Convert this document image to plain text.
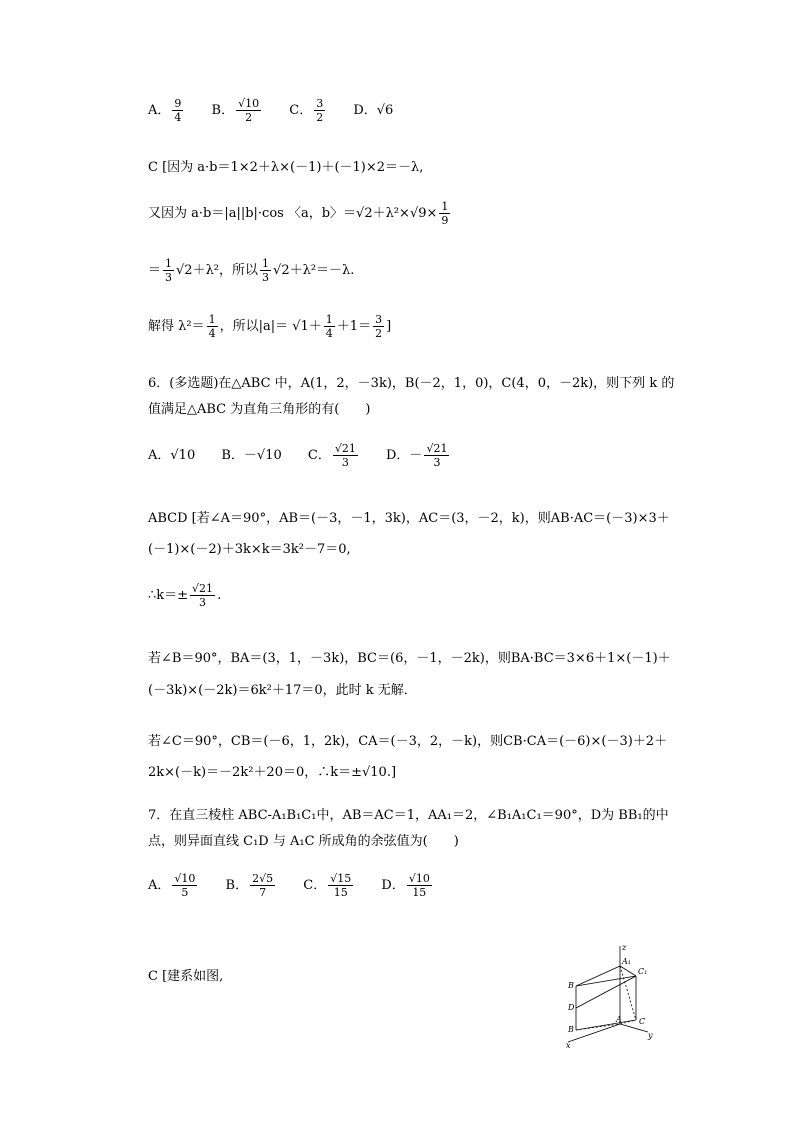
A． $\frac{9}{4}$ B． $\frac{√10}{2}$ C． $\frac{3}{2}$ D．√6
C [因为 a·b＝1×2＋λ×(－1)＋(－1)×2＝－λ,
又因为 a·b＝|a||b|·cos 〈a，b〉$=√2+\lambda^2\times√9\times \frac{1}{9}$
＝ $\frac{1}{3} √2+\lambda^2$，所以 $\frac{1}{3} √2+\lambda^2=-\lambda$.
解得 $\lambda^2= \frac{1}{4}$ ，所以$|a|= √1+ \frac{1}{4} +1= \frac{3}{2}$ ]
6．(多选题)在△ABC 中，A(1，2，－3k)，B(－2，1，0)，C(4，0，－2k)，则下列 k 的
值满足△ABC 为直角三角形的有(　　)
A．√10 B．－√10 C． $\frac{√21}{3}$ D．－ $\frac{√21}{3}$
ABCD [若∠A＝90°，AB＝(－3，－1，3k)，AC＝(3，－2，k)，则AB·AC＝(－3)×3＋
(－1)×(－2)＋3k×k＝3k²－7＝0,
∴k＝± $\frac{√21}{3}$ .
若∠B＝90°，BA＝(3，1，－3k)，BC＝(6，－1，－2k)，则BA·BC＝3×6＋1×(－1)＋
(－3k)×(－2k)＝6k²＋17＝0，此时 k 无解．
若∠C＝90°，CB＝(－6，1，2k)，CA＝(－3，2，－k)，则CB·CA＝(－6)×(－3)＋2＋
2k×(－k)＝－2k²＋20＝0，∴k＝±√10.]
7．在直三棱柱 ABC-A₁B₁C₁中，AB＝AC＝1，AA₁＝2，∠B₁A₁C₁＝90°，D为 BB₁的中
点，则异面直线 C₁D 与 A₁C 所成角的余弦值为(　　)
A． $\frac{√10}{5}$ B． $\frac{2√5}{7}$ C． $\frac{√15}{15}$ D． $\frac{√10}{15}$
C [建系如图,
z
A₁
C₁
B
D
A
B
C
x
y
